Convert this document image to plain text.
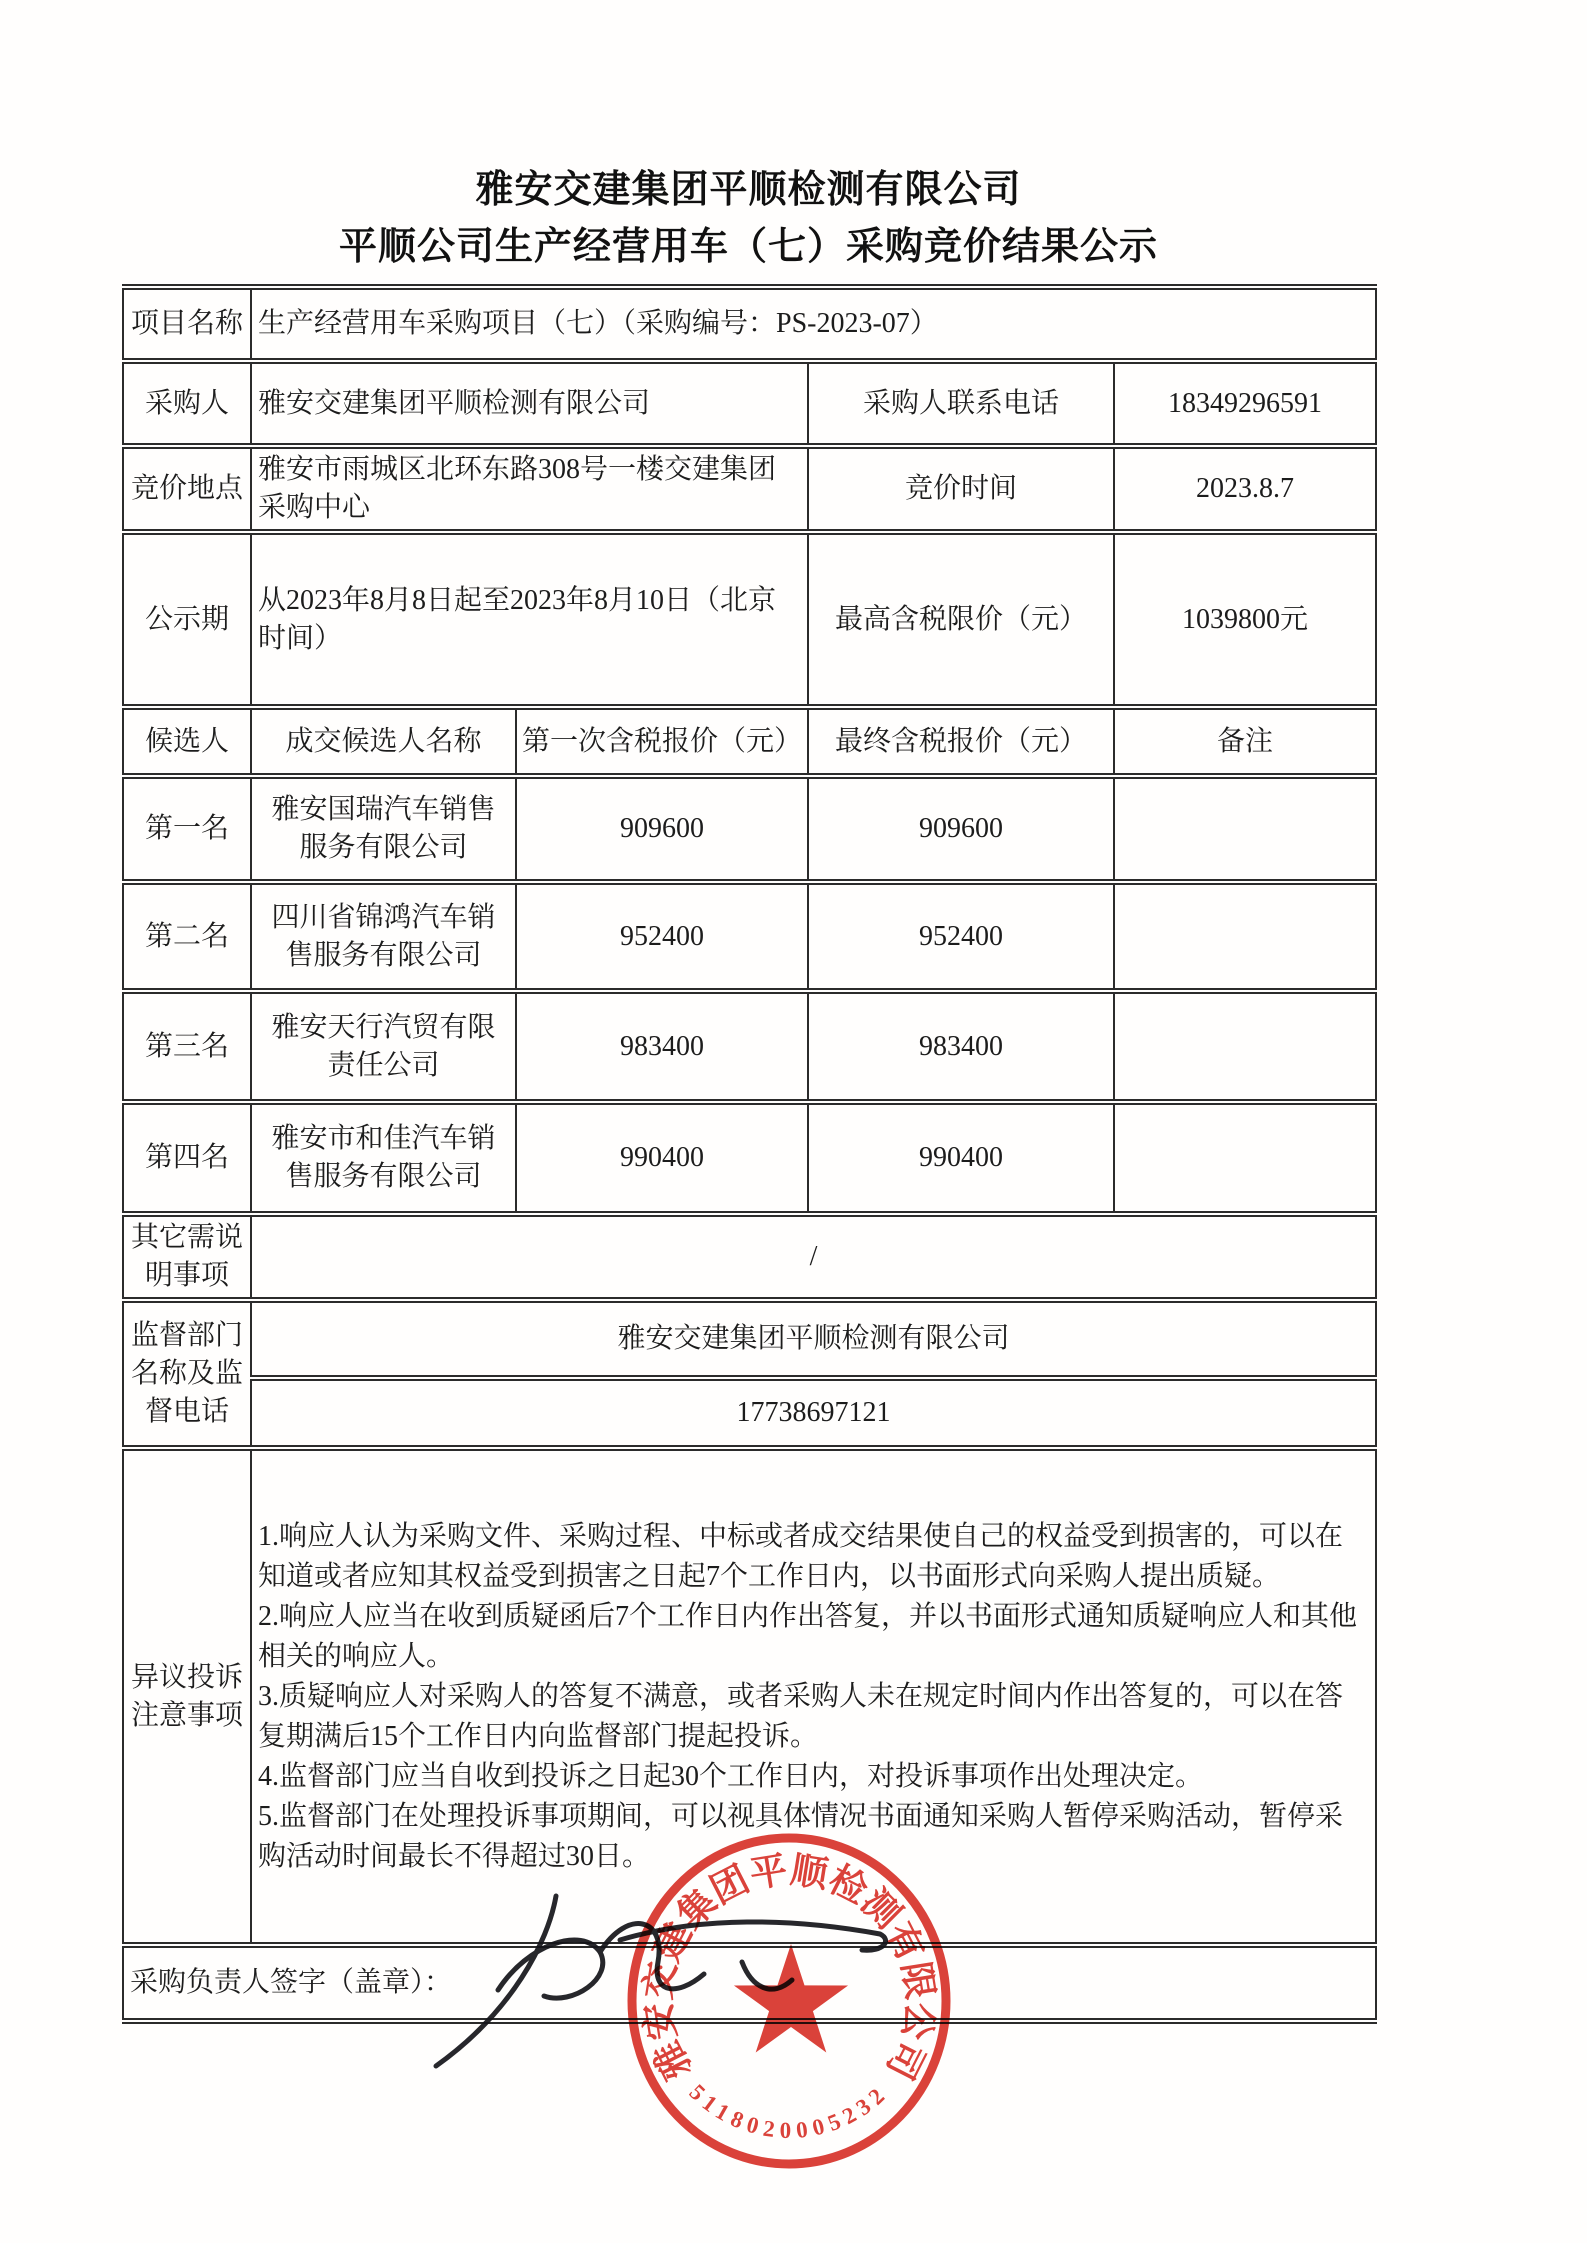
雅安交建集团平顺检测有限公司
平顺公司生产经营用车（七）采购竞价结果公示
项目名称	生产经营用车采购项目（七）（采购编号：PS-2023-07）			
采购人	雅安交建集团平顺检测有限公司		采购人联系电话	18349296591
竞价地点	雅安市雨城区北环东路308号一楼交建集团采购中心		竞价时间	2023.8.7
公示期	从2023年8月8日起至2023年8月10日（北京时间）		最高含税限价（元）	1039800元
候选人	成交候选人名称	第一次含税报价（元）	最终含税报价（元）	备注
第一名	雅安国瑞汽车销售服务有限公司	909600	909600	
第二名	四川省锦鸿汽车销售服务有限公司	952400	952400	
第三名	雅安天行汽贸有限责任公司	983400	983400	
第四名	雅安市和佳汽车销售服务有限公司	990400	990400	
其它需说明事项	/			
监督部门名称及监督电话	雅安交建集团平顺检测有限公司			
	17738697121			
异议投诉注意事项	1.响应人认为采购文件、采购过程、中标或者成交结果使自己的权益受到损害的，可以在知道或者应知其权益受到损害之日起7个工作日内，以书面形式向采购人提出质疑。

2.响应人应当在收到质疑函后7个工作日内作出答复，并以书面形式通知质疑响应人和其他相关的响应人。

3.质疑响应人对采购人的答复不满意，或者采购人未在规定时间内作出答复的，可以在答复期满后15个工作日内向监督部门提起投诉。

4.监督部门应当自收到投诉之日起30个工作日内，对投诉事项作出处理决定。

5.监督部门在处理投诉事项期间，可以视具体情况书面通知采购人暂停采购活动，暂停采购活动时间最长不得超过30日。			

采购负责人签字（盖章）：				
雅安交建集团平顺检测有限公司
5118020005232
